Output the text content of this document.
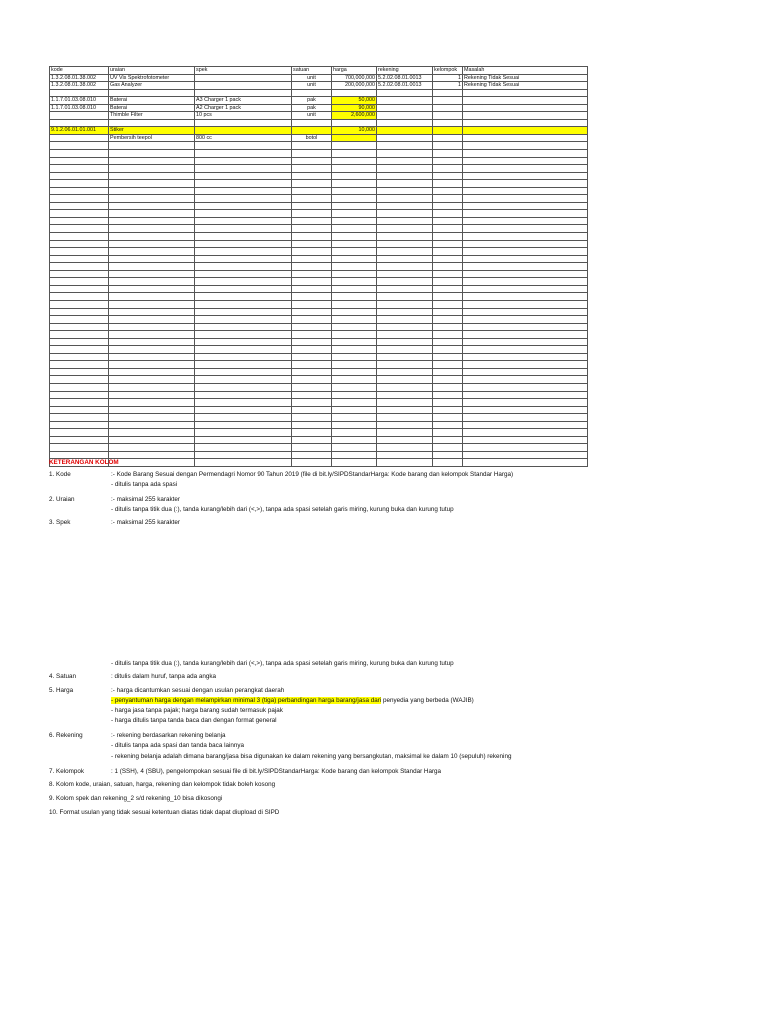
kode	uraian	spek	satuan	harga	rekening	kelompok	Masalah
1.3.2.08.01.38.002	UV Vis Spektrofotometer		unit	700,000,000	5.2.02.08.01.0013	1	Rekening Tidak Sesuai
1.3.2.08.01.38.002	Gas Analyzer		unit	200,000,000	5.2.02.08.01.0013	1	Rekening Tidak Sesuai

1.1.7.01.03.08.010	Baterai	A3 Charger 1 pack	pak	50,000			
1.1.7.01.03.08.010	Baterai	A2 Charger 1 pack	pak	90,000			
	Thimble Filter	10 pcs	unit	2,600,000			

9.1.2.06.01.01.001	Stiker			10,000			
	Pembersih teepol	800 cc	botol				

KETERANGAN KOLOM
1. Kode	:- Kode Barang Sesuai dengan Permendagri Nomor 90 Tahun 2019 (file di bit.ly/SIPDStandarHarga: Kode barang dan kelompok Standar Harga)
- ditulis tanpa ada spasi
2. Uraian	:- maksimal 255 karakter
- ditulis tanpa titik dua (:), tanda kurang/lebih dari (<,>), tanpa ada spasi setelah garis miring, kurung buka dan kurung tutup
3. Spek	:- maksimal 255 karakter
- ditulis tanpa titik dua (:), tanda kurang/lebih dari (<,>), tanpa ada spasi setelah garis miring, kurung buka dan kurung tutup
4. Satuan	: ditulis dalam huruf, tanpa ada angka
5. Harga	:- harga dicantumkan sesuai dengan usulan perangkat daerah
- penyantuman harga dengan melampirkan minimal 3 (tiga) perbandingan harga barang/jasa dari penyedia yang berbeda (WAJIB)
- harga jasa tanpa pajak; harga barang sudah termasuk pajak
- harga ditulis tanpa tanda baca dan dengan format general
6. Rekening	:- rekening berdasarkan rekening belanja
- ditulis tanpa ada spasi dan tanda baca lainnya
- rekening belanja adalah dimana barang/jasa bisa digunakan ke dalam rekening yang bersangkutan, maksimal ke dalam 10 (sepuluh) rekening
7. Kelompok	: 1 (SSH), 4 (SBU), pengelompokan sesuai file di bit.ly/SIPDStandarHarga: Kode barang dan kelompok Standar Harga
8. Kolom kode, uraian, satuan, harga, rekening dan kelompok tidak boleh kosong
9. Kolom spek dan rekening_2 s/d rekening_10 bisa dikosongi
10. Format usulan yang tidak sesuai ketentuan diatas tidak dapat diupload di SIPD
